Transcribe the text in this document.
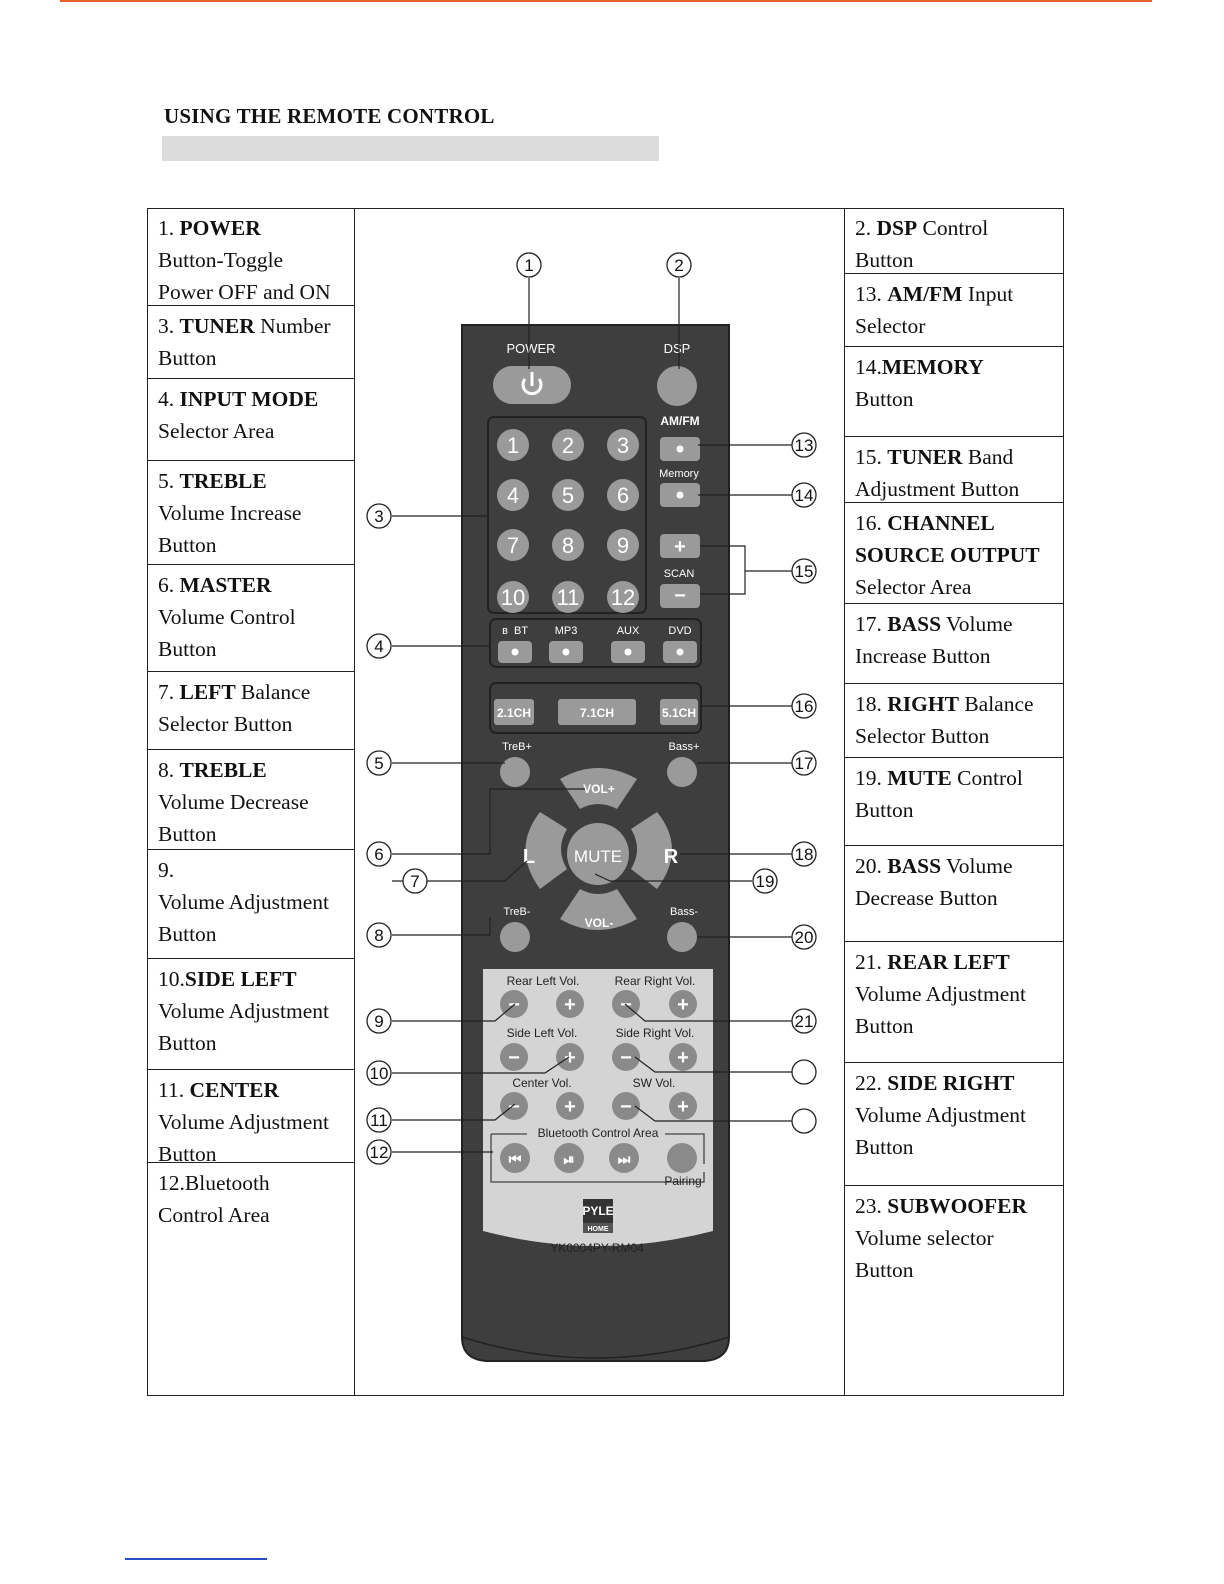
USING THE REMOTE CONTROL
1. POWER
Button-Toggle
Power OFF and ON
3. TUNER Number
Button
4. INPUT MODE
Selector Area
5. TREBLE
Volume Increase
Button
6. MASTER
Volume Control
Button
7. LEFT Balance
Selector Button
8. TREBLE
Volume Decrease
Button
9.
Volume Adjustment
Button
10.SIDE LEFT
Volume Adjustment
Button
11. CENTER
Volume Adjustment
Button
12.Bluetooth
Control Area
2. DSP Control
Button
13. AM/FM Input
Selector
14.MEMORY
Button
15. TUNER Band
Adjustment Button
16. CHANNEL
SOURCE OUTPUT
Selector Area
17. BASS Volume
Increase Button
18. RIGHT Balance
Selector Button
19. MUTE Control
Button
20. BASS Volume
Decrease Button
21. REAR LEFT
Volume Adjustment
Button
22. SIDE RIGHT
Volume Adjustment
Button
23. SUBWOOFER
Volume selector
Button
POWER	DSP
1 2 3
4 5 6
7 8 9
10 11 12
AM/FM
Memory
+
SCAN
−
BT MP3	AUX	DVD
ʙ
2.1CH	7.1CH	5.1CH
TreB+	Bass+
VOL+
VOL-
L	R
MUTE
TreB-	Bass-
Rear Left Vol.	Rear Right Vol.
Side Left Vol.	Side Right Vol.
Center Vol.	SW Vol.
− + − +
− + − +
− + − +
Bluetooth Control Area
⏮	⏯	⏭
Pairing
PYLE
HOME
YK0004PY-RM04
1	2
3
4
5
6
7
8
9
10
11
12
13
14
15
16
17
18
19
20
21
